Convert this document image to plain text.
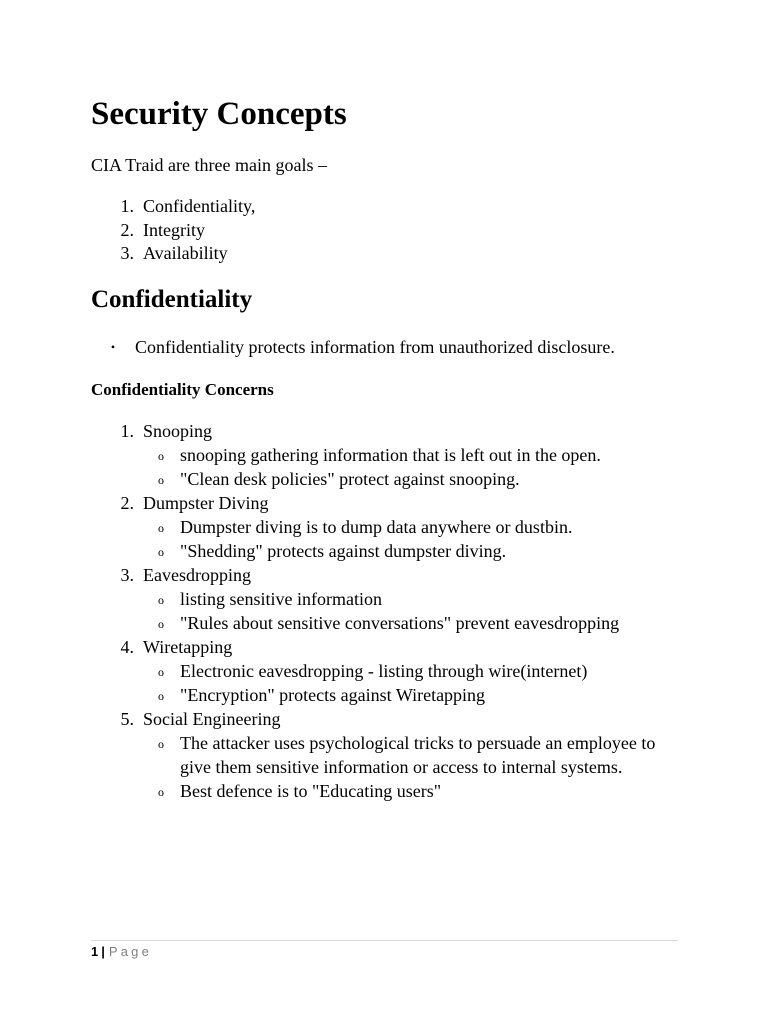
Security Concepts

CIA Traid are three main goals –

1. Confidentiality,
2. Integrity
3. Availability
Confidentiality
• Confidentiality protects information from unauthorized disclosure.
Confidentiality Concerns
1. Snooping
o snooping gathering information that is left out in the open.
o "Clean desk policies" protect against snooping.
2. Dumpster Diving
o Dumpster diving is to dump data anywhere or dustbin.
o "Shedding" protects against dumpster diving.
3. Eavesdropping
o listing sensitive information
o "Rules about sensitive conversations" prevent eavesdropping
4. Wiretapping
o Electronic eavesdropping - listing through wire(internet)
o "Encryption" protects against Wiretapping
5. Social Engineering
o The attacker uses psychological tricks to persuade an employee to give them sensitive information or access to internal systems.
o Best defence is to "Educating users"
1 | Page
